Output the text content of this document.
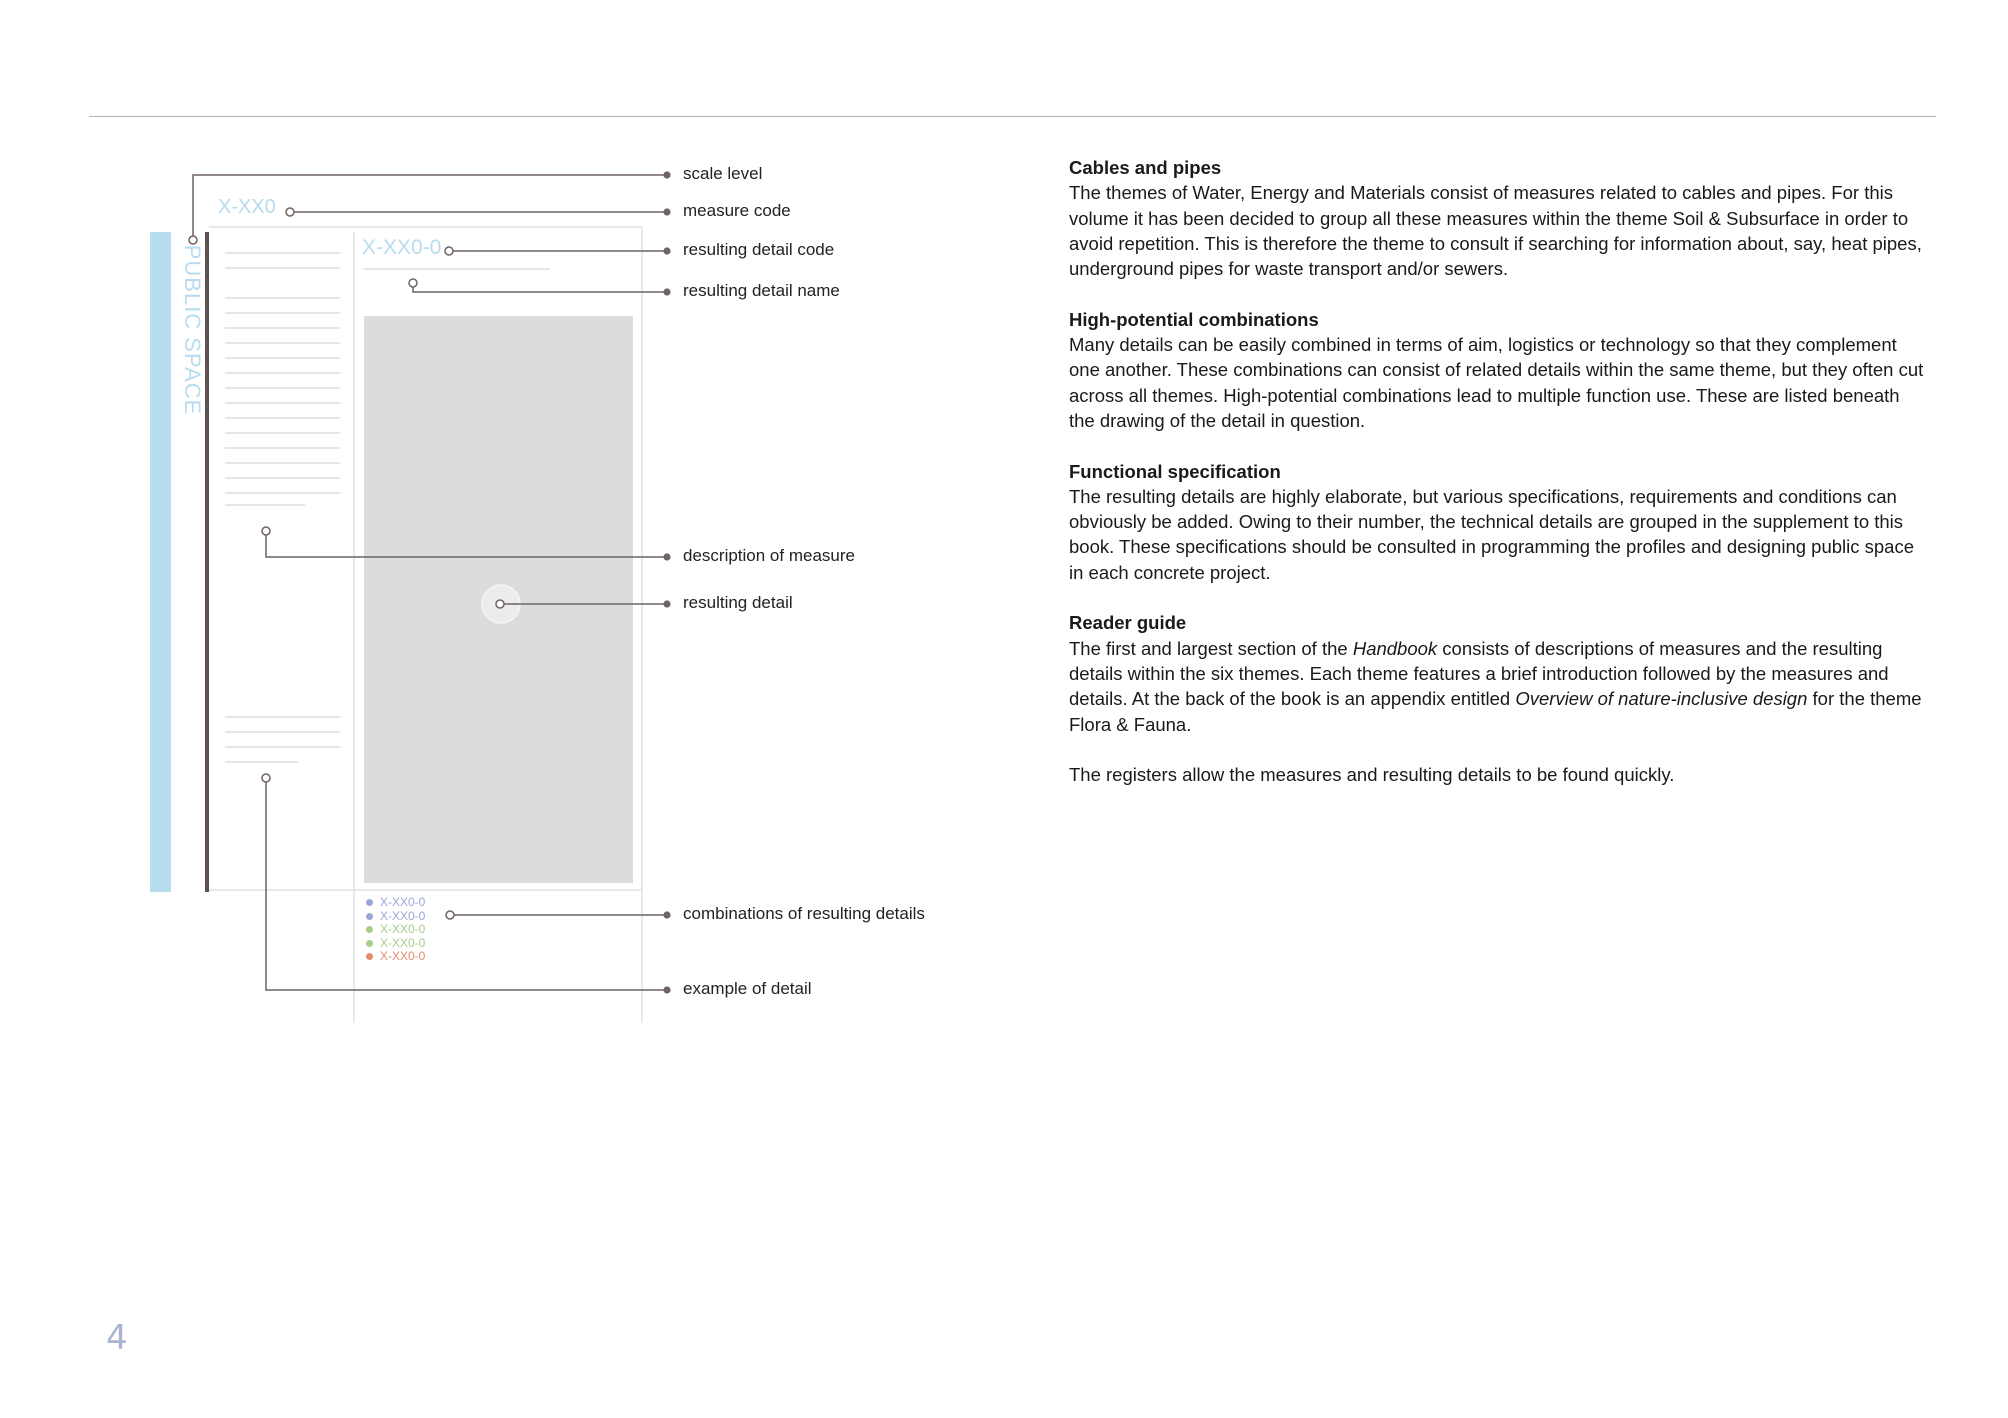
PUBLIC SPACE
X-XX0
X-XX0-0
X-XX0-0
X-XX0-0
X-XX0-0
X-XX0-0
X-XX0-0
scale level
measure code
resulting detail code
resulting detail name
description of measure
resulting detail
combinations of resulting details
example of detail
Cables and pipes

The themes of Water, Energy and Materials consist of measures related to cables and pipes. For this volume it has been decided to group all these measures within the theme Soil & Subsurface in order to avoid repetition. This is therefore the theme to consult if searching for information about, say, heat pipes, underground pipes for waste transport and/or sewers.

High-potential combinations

Many details can be easily combined in terms of aim, logistics or technology so that they complement one another. These combinations can consist of related details within the same theme, but they often cut across all themes. High-potential combinations lead to multiple function use. These are listed beneath the drawing of the detail in question.

Functional specification

The resulting details are highly elaborate, but various specifications, requirements and conditions can obviously be added. Owing to their number, the technical details are grouped in the supplement to this book. These specifications should be consulted in programming the profiles and designing public space in each concrete project.

Reader guide

The first and largest section of the Handbook consists of descriptions of measures and the resulting details within the six themes. Each theme features a brief introduction followed by the measures and details. At the back of the book is an appendix entitled Overview of nature-inclusive design for the theme Flora & Fauna.

The registers allow the measures and resulting details to be found quickly.

4
